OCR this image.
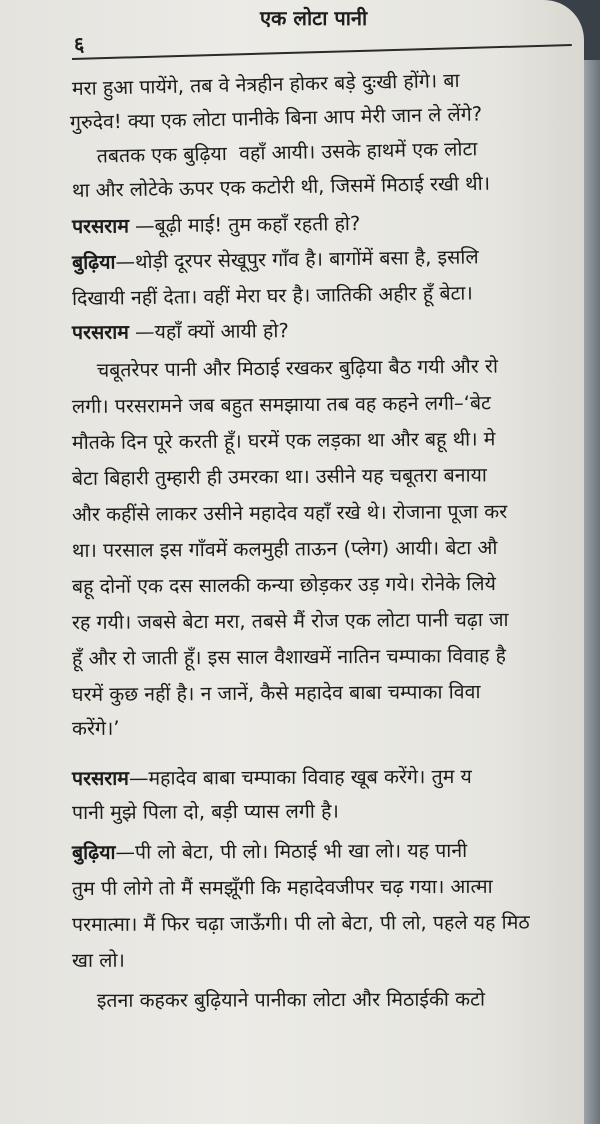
एक लोटा पानी
६
मरा हुआ पायेंगे, तब वे नेत्रहीन होकर बड़े दुःखी होंगे। बा
गुरुदेव! क्या एक लोटा पानीके बिना आप मेरी जान ले लेंगे?
तबतक एक बुढ़िया  वहाँ आयी। उसके हाथमें एक लोटा
था और लोटेके ऊपर एक कटोरी थी, जिसमें मिठाई रखी थी।
परसराम —बूढ़ी माई! तुम कहाँ रहती हो?
बुढ़िया—थोड़ी दूरपर सेखूपुर गाँव है। बागोंमें बसा है, इसलि
दिखायी नहीं देता। वहीं मेरा घर है। जातिकी अहीर हूँ बेटा।
परसराम —यहाँ क्यों आयी हो?
चबूतरेपर पानी और मिठाई रखकर बुढ़िया बैठ गयी और रो
लगी। परसरामने जब बहुत समझाया तब वह कहने लगी–‘बेट
मौतके दिन पूरे करती हूँ। घरमें एक लड़का था और बहू थी। मे
बेटा बिहारी तुम्हारी ही उमरका था। उसीने यह चबूतरा बनाया
और कहींसे लाकर उसीने महादेव यहाँ रखे थे। रोजाना पूजा कर
था। परसाल इस गाँवमें कलमुही ताऊन (प्लेग) आयी। बेटा औ
बहू दोनों एक दस सालकी कन्या छोड़कर उड़ गये। रोनेके लिये
रह गयी। जबसे बेटा मरा, तबसे मैं रोज एक लोटा पानी चढ़ा जा
हूँ और रो जाती हूँ। इस साल वैशाखमें नातिन चम्पाका विवाह है
घरमें कुछ नहीं है। न जानें, कैसे महादेव बाबा चम्पाका विवा
करेंगे।’
परसराम—महादेव बाबा चम्पाका विवाह खूब करेंगे। तुम य
पानी मुझे पिला दो, बड़ी प्यास लगी है।
बुढ़िया—पी लो बेटा, पी लो। मिठाई भी खा लो। यह पानी
तुम पी लोगे तो मैं समझूँगी कि महादेवजीपर चढ़ गया। आत्मा
परमात्मा। मैं फिर चढ़ा जाऊँगी। पी लो बेटा, पी लो, पहले यह मिठ
खा लो।
इतना कहकर बुढ़ियाने पानीका लोटा और मिठाईकी कटो
